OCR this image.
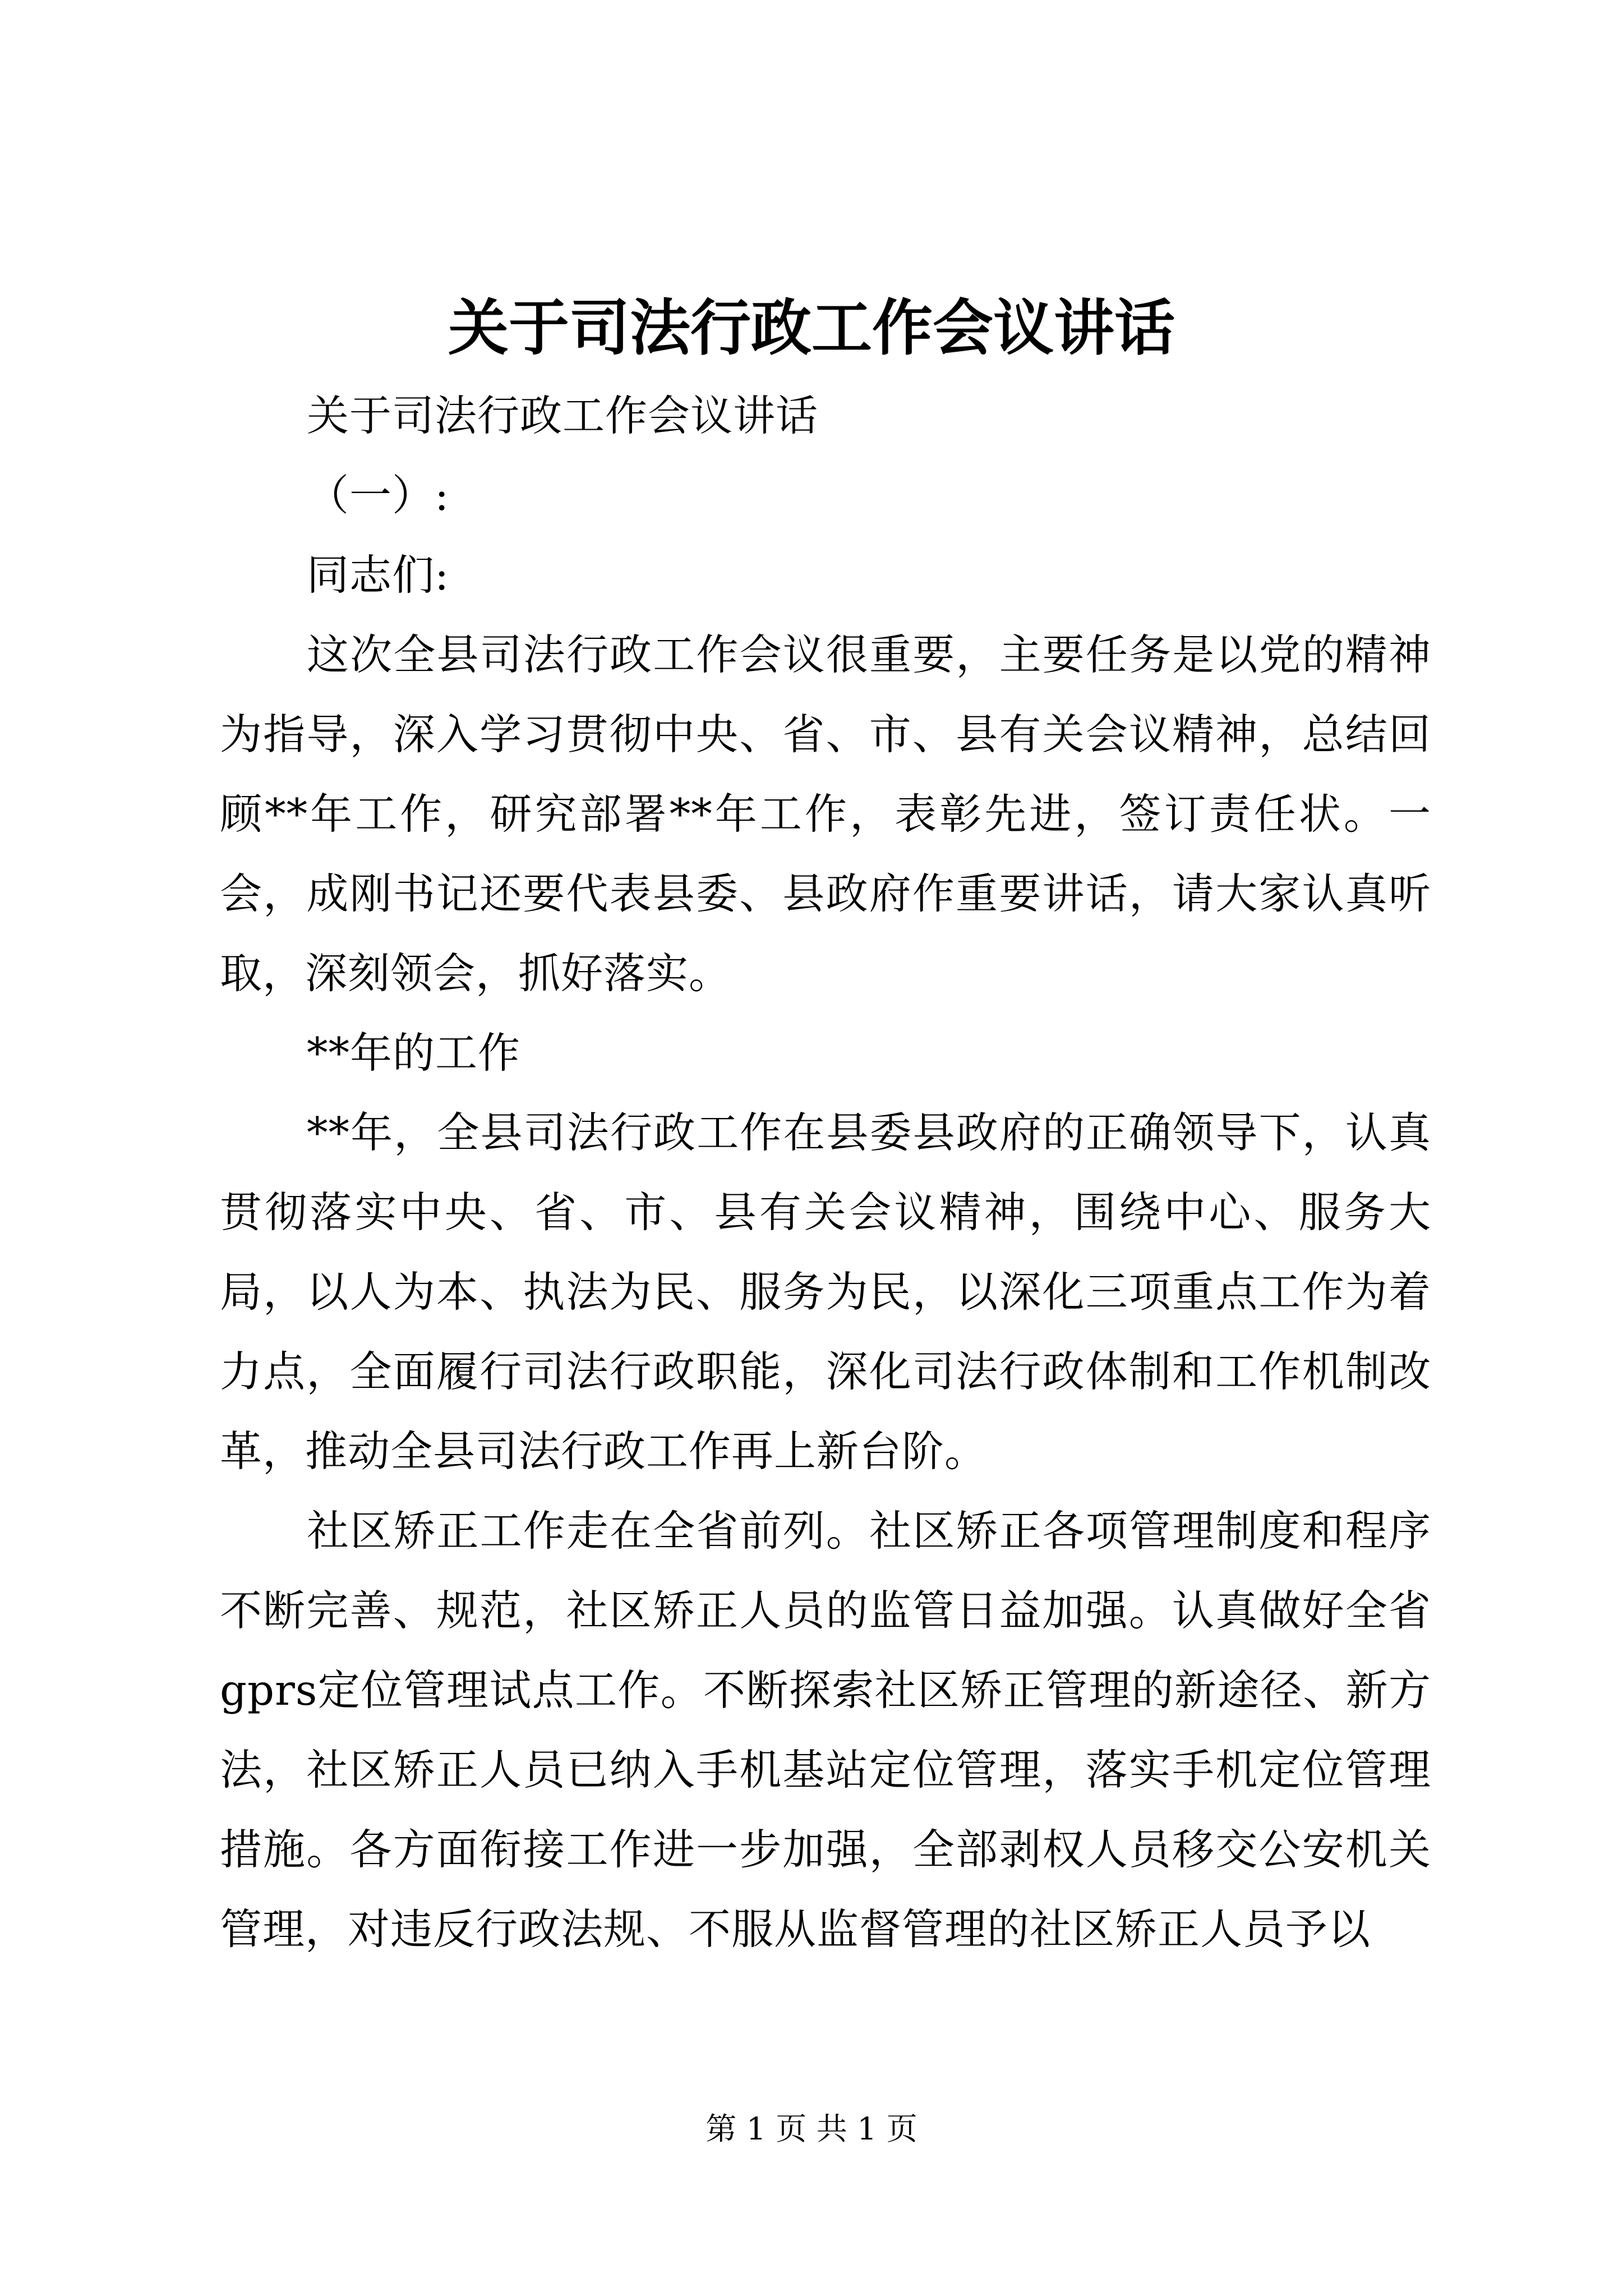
关于司法行政工作会议讲话

关于司法行政工作会议讲话

（一）:

同志们:

这次全县司法行政工作会议很重要，主要任务是以党的精神为指导，深入学习贯彻中央、省、市、县有关会议精神，总结回顾**年工作，研究部署**年工作，表彰先进，签订责任状。一会，成刚书记还要代表县委、县政府作重要讲话，请大家认真听取，深刻领会，抓好落实。

**年的工作

**年，全县司法行政工作在县委县政府的正确领导下，认真贯彻落实中央、省、市、县有关会议精神，围绕中心、服务大局，以人为本、执法为民、服务为民，以深化三项重点工作为着力点，全面履行司法行政职能，深化司法行政体制和工作机制改革，推动全县司法行政工作再上新台阶。

社区矫正工作走在全省前列。社区矫正各项管理制度和程序不断完善、规范，社区矫正人员的监管日益加强。认真做好全省gprs定位管理试点工作。不断探索社区矫正管理的新途径、新方法，社区矫正人员已纳入手机基站定位管理，落实手机定位管理措施。各方面衔接工作进一步加强，全部剥权人员移交公安机关管理，对违反行政法规、不服从监督管理的社区矫正人员予以

第 1 页 共 1 页
